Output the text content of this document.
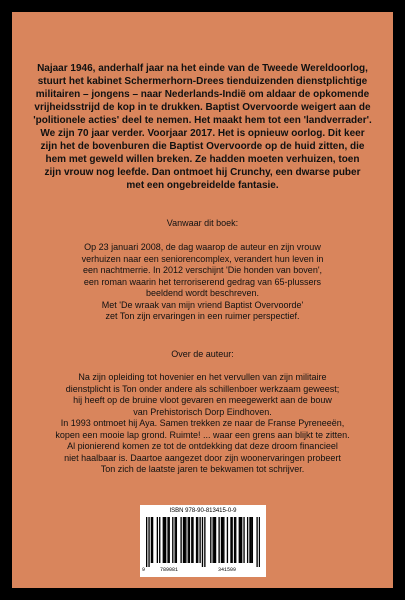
Najaar 1946, anderhalf jaar na het einde van de Tweede Wereldoorlog,

stuurt het kabinet Schermerhorn-Drees tienduizenden dienstplichtige

militairen – jongens – naar Nederlands-Indië om aldaar de opkomende

vrijheidsstrijd de kop in te drukken. Baptist Overvoorde weigert aan de

'politionele acties' deel te nemen. Het maakt hem tot een 'landverrader'.

We zijn 70 jaar verder. Voorjaar 2017. Het is opnieuw oorlog. Dit keer

zijn het de bovenburen die Baptist Overvoorde op de huid zitten, die

hem met geweld willen breken. Ze hadden moeten verhuizen, toen

zijn vrouw nog leefde. Dan ontmoet hij Crunchy, een dwarse puber

met een ongebreidelde fantasie.

Vanwaar dit boek:

Op 23 januari 2008, de dag waarop de auteur en zijn vrouw

verhuizen naar een seniorencomplex, verandert hun leven in

een nachtmerrie. In 2012 verschijnt 'Die honden van boven',

een roman waarin het terroriserend gedrag van 65-plussers

beeldend wordt beschreven.

Met 'De wraak van mijn vriend Baptist Overvoorde'

zet Ton zijn ervaringen in een ruimer perspectief.

Over de auteur:

Na zijn opleiding tot hovenier en het vervullen van zijn militaire

dienstplicht is Ton onder andere als schillenboer werkzaam geweest;

hij heeft op de bruine vloot gevaren en meegewerkt aan de bouw

van Prehistorisch Dorp Eindhoven.

In 1993 ontmoet hij Aya. Samen trekken ze naar de Franse Pyreneeën,

kopen een mooie lap grond. Ruimte! ... waar een grens aan blijkt te zitten.

Al pionierend komen ze tot de ontdekking dat deze droom financieel

niet haalbaar is. Daartoe aangezet door zijn woonervaringen probeert

Ton zich de laatste jaren te bekwamen tot schrijver.

ISBN 978-90-813415-0-9
9	789081	341509
